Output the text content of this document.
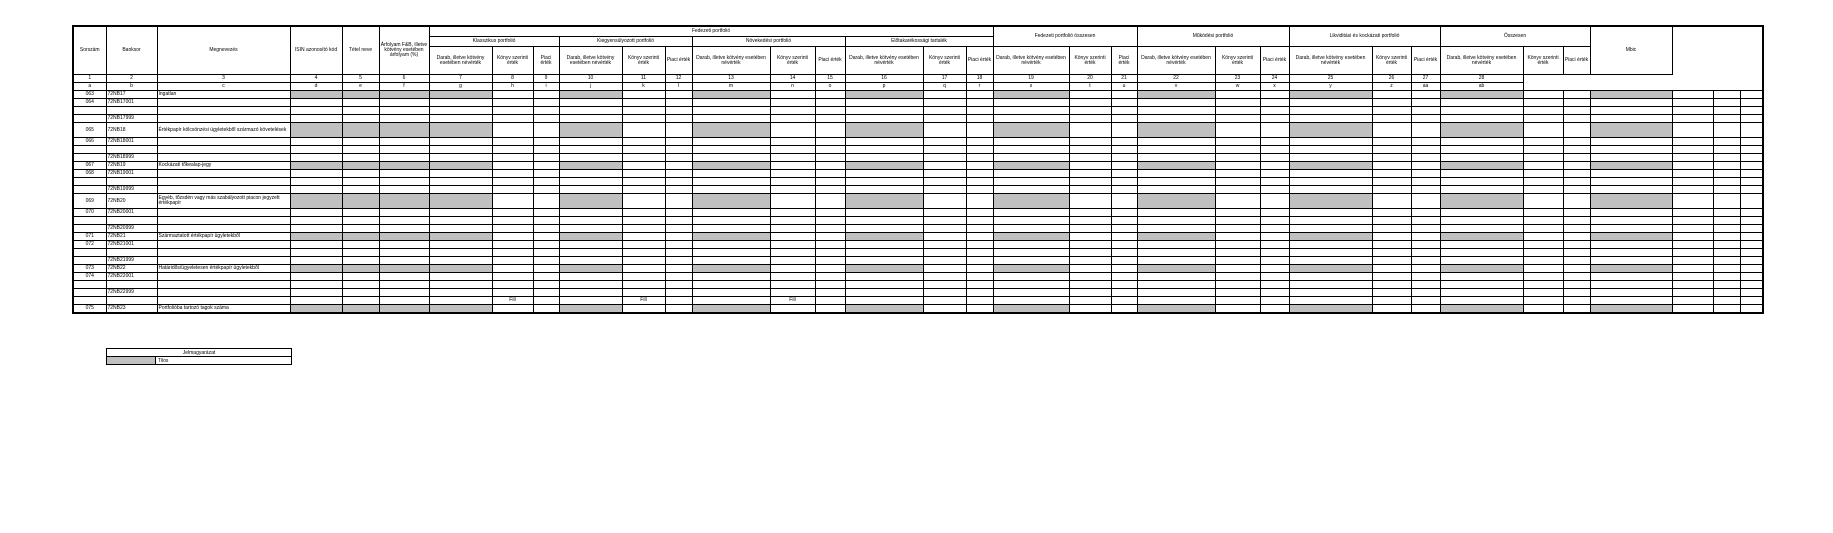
Sorszám	Banksor	Megnevezés	ISIN azonosító kód	Tétel neve	Árfolyam F&B, illetve kötvény esetében árfolyam (%)	Fedezeti portfolió												Fedezeti portfolió összesen			Működési portfolió			Likviditási és kockázati portfolió			Összesen			Mbic			
						Klasszikus portfolió			Kiegyensúlyozott portfolió			Növekedési portfolió			Előtakarékossági tartalék																		
						Darab, illetve kötvény esetében névérték	Könyv szerinti érték	Piaci érték	Darab, illetve kötvény esetében névérték	Könyv szerinti érték	Piaci érték	Darab, illetve kötvény esetében névérték	Könyv szerinti érték	Piaci érték	Darab, illetve kötvény esetében névérték	Könyv szerinti érték	Piaci érték	Darab, illetve kötvény esetében névérték	Könyv szerinti érték	Piaci érték	Darab, illetve kötvény esetében névérték	Könyv szerinti érték	Piaci érték	Darab, illetve kötvény esetében névérték	Könyv szerinti érték	Piaci érték	Darab, illetve kötvény esetében névérték	Könyv szerinti érték	Piaci érték				
1	2	3	4	5	6	7	8	9	10	11	12	13	14	15	16	17	18	19	20	21	22	23	24	25	26	27	28						
a	b	c	d	e	f	g	h	i	j	k	l	m	n	o	p	q	r	s	t	u	v	w	x	y	z	aa	ab						
063	72NB17	Ingatlan																															
064	72NB17001																																

	72NB17999																																
065	72NB18	Értékpapír kölcsönzési ügyletekből származó követelések																															
066	72NB18001																																

	72NB18999																																
067	72NB19	Kockázati tőkealap-jegy																															
068	72NB19001																																

	72NB19999																																
069	72NB20	Egyéb, tőzsdén vagy más szabályozott piacon jegyzett értékpapír																															
070	72NB20001																																

	72NB20999																																
071	72NB21	Származtatott értékpapír ügyletekből																															
072	72NB21001																																

	72NB21999																																
073	72NB22	Határidős/ügyeletesen értékpapír ügyletekből																															
074	72NB22001																																

	72NB22999																																
							Fill			Fill			Fill																				
075	72NB23	Portfolióba tartozó tagok száma																															
Jelmagyarázat
	Tilos
